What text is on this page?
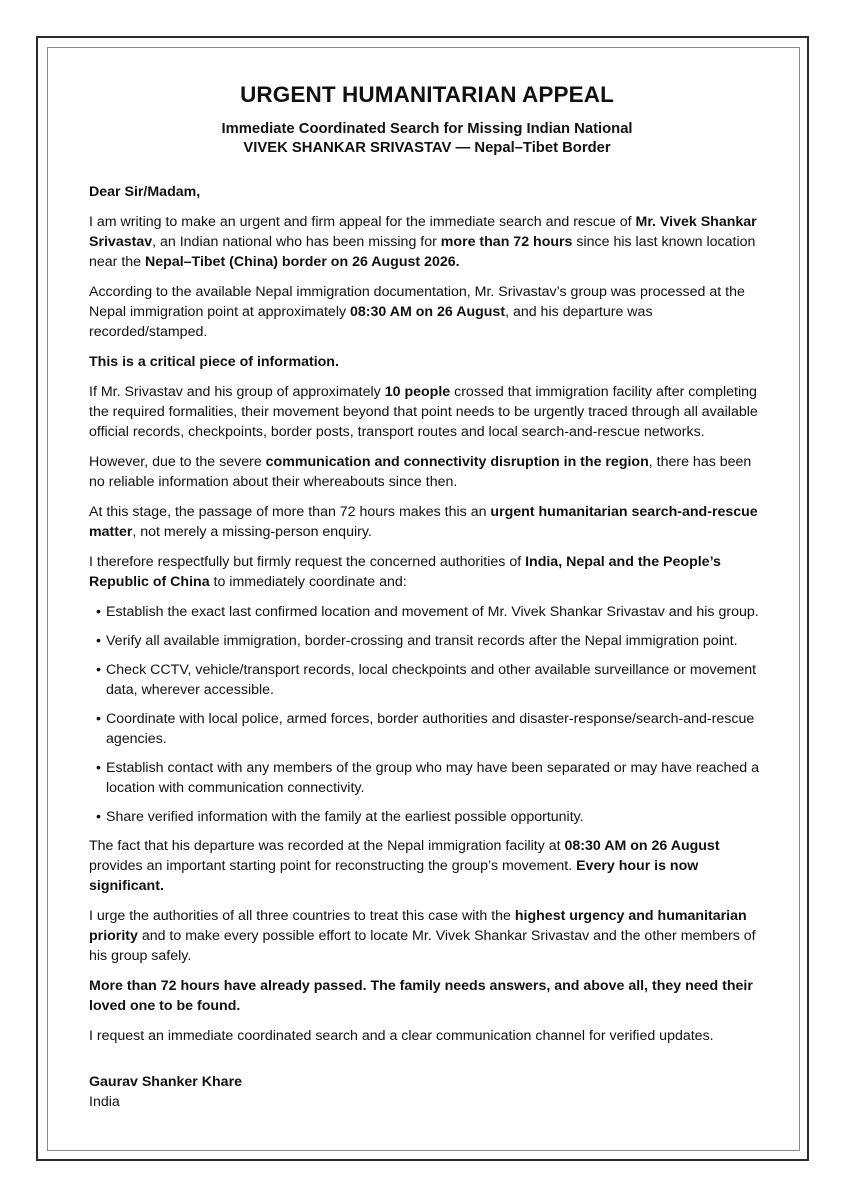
URGENT HUMANITARIAN APPEAL
Immediate Coordinated Search for Missing Indian National
VIVEK SHANKAR SRIVASTAV — Nepal–Tibet Border
Dear Sir/Madam,

I am writing to make an urgent and firm appeal for the immediate search and rescue of Mr. Vivek Shankar Srivastav, an Indian national who has been missing for more than 72 hours since his last known location near the Nepal–Tibet (China) border on 26 August 2026.

According to the available Nepal immigration documentation, Mr. Srivastav’s group was processed at the Nepal immigration point at approximately 08:30 AM on 26 August, and his departure was recorded/stamped.

This is a critical piece of information.

If Mr. Srivastav and his group of approximately 10 people crossed that immigration facility after completing the required formalities, their movement beyond that point needs to be urgently traced through all available official records, checkpoints, border posts, transport routes and local search-and-rescue networks.

However, due to the severe communication and connectivity disruption in the region, there has been no reliable information about their whereabouts since then.

At this stage, the passage of more than 72 hours makes this an urgent humanitarian search-and-rescue matter, not merely a missing-person enquiry.

I therefore respectfully but firmly request the concerned authorities of India, Nepal and the People’s Republic of China to immediately coordinate and:

• Establish the exact last confirmed location and movement of Mr. Vivek Shankar Srivastav and his group.
• Verify all available immigration, border-crossing and transit records after the Nepal immigration point.
• Check CCTV, vehicle/transport records, local checkpoints and other available surveillance or movement data, wherever accessible.
• Coordinate with local police, armed forces, border authorities and disaster-response/search-and-rescue agencies.
• Establish contact with any members of the group who may have been separated or may have reached a location with communication connectivity.
• Share verified information with the family at the earliest possible opportunity.

The fact that his departure was recorded at the Nepal immigration facility at 08:30 AM on 26 August provides an important starting point for reconstructing the group’s movement. Every hour is now significant.

I urge the authorities of all three countries to treat this case with the highest urgency and humanitarian priority and to make every possible effort to locate Mr. Vivek Shankar Srivastav and the other members of his group safely.

More than 72 hours have already passed. The family needs answers, and above all, they need their loved one to be found.

I request an immediate coordinated search and a clear communication channel for verified updates.

Gaurav Shanker Khare
India
